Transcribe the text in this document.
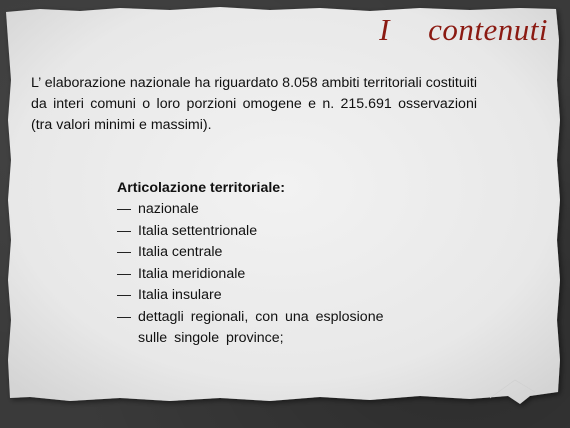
I contenuti
L’ elaborazione nazionale ha riguardato 8.058 ambiti territoriali costituiti da interi comuni o loro porzioni omogene e n. 215.691 osservazioni (tra valori minimi e massimi).
Articolazione territoriale:
nazionale
Italia settentrionale
Italia centrale
Italia meridionale
Italia insulare
dettagli regionali, con una esplosione sulle singole province;
